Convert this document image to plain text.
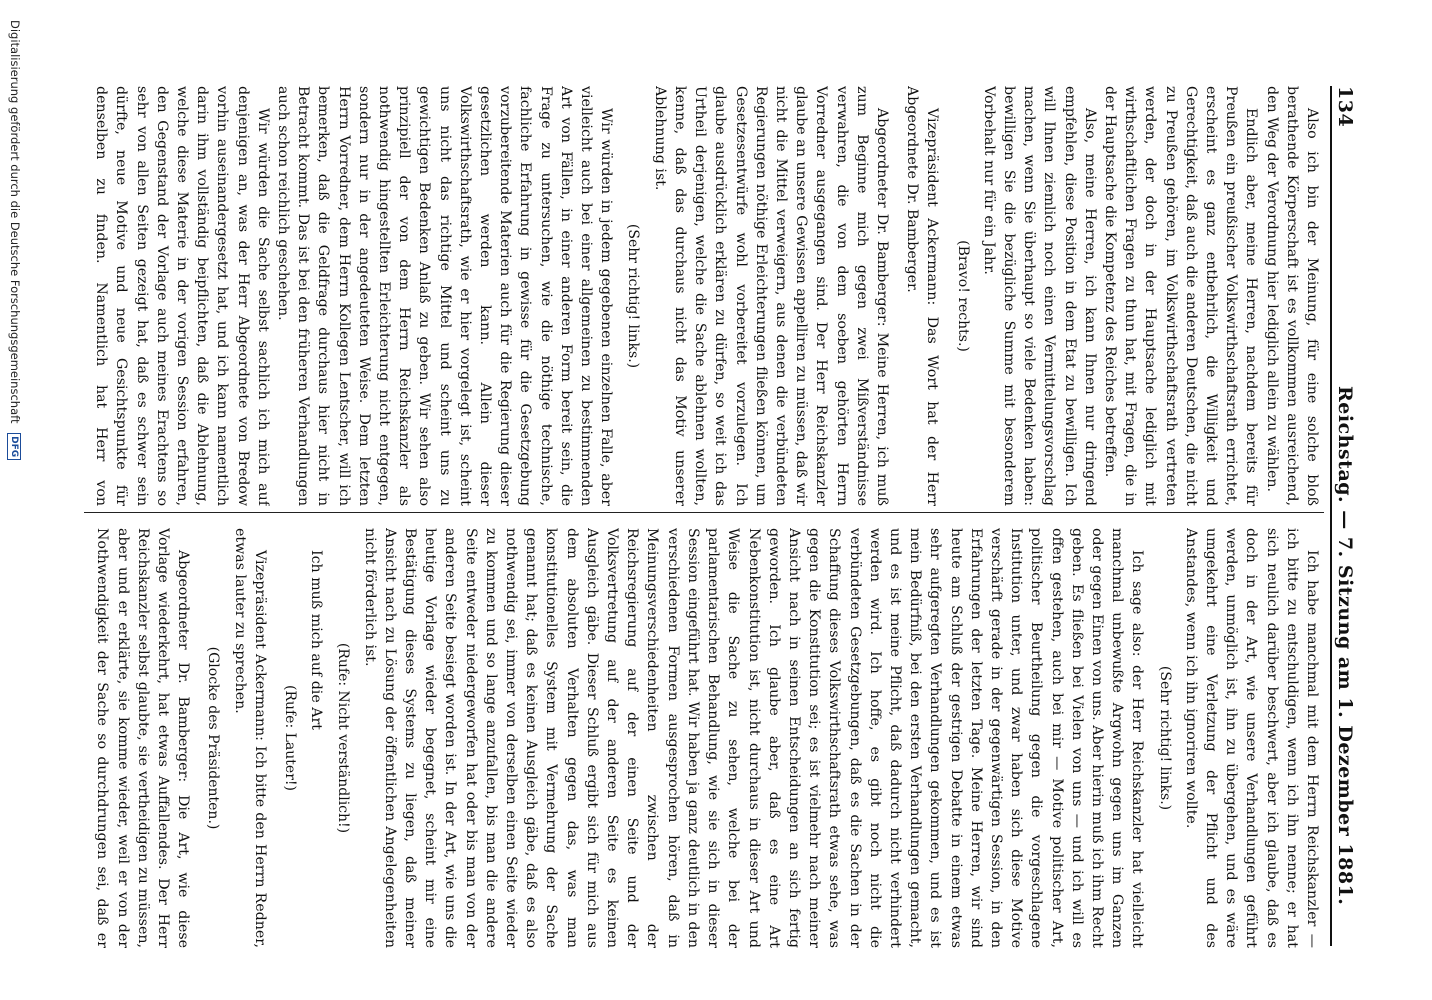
134
Reichstag. — 7. Sitzung am 1. Dezember 1881.

Also ich bin der Meinung, für eine solche bloß berathende Körperschaft ist es vollkommen ausreichend, den Weg der Verordnung hier lediglich allein zu wählen.

Endlich aber, meine Herren, nachdem bereits für Preußen ein preußischer Volkswirthschaftsrath errichtet, erscheint es ganz entbehrlich, die Willigkeit und Gerechtigkeit, daß auch die anderen Deutschen, die nicht zu Preußen gehören, im Volkswirthschaftsrath vertreten werden, der doch in der Hauptsache lediglich mit wirthschaftlichen Fragen zu thun hat, mit Fragen, die in der Hauptsache die Kompetenz des Reiches betreffen.

Also, meine Herren, ich kann Ihnen nur dringend empfehlen, diese Position in dem Etat zu bewilligen. Ich will Ihnen ziemlich noch einen Vermittelungsvorschlag machen, wenn Sie überhaupt so viele Bedenken haben: bewilligen Sie die bezügliche Summe mit besonderem Vorbehalt nur für ein Jahr.

(Bravo! rechts.)

Vizepräsident Ackermann: Das Wort hat der Herr Abgeordnete Dr. Bamberger.

Abgeordneter Dr. Bamberger: Meine Herren, ich muß zum Beginne mich gegen zwei Mißverständnisse verwahren, die von dem soeben gehörten Herrn Vorredner ausgegangen sind. Der Herr Reichskanzler glaube an unsere Gewissen appelliren zu müssen, daß wir nicht die Mittel verweigern, aus denen die verbündeten Regierungen nöthige Erleichterungen fließen können, um Gesetzesentwürfe wohl vorbereitet vorzulegen. Ich glaube ausdrücklich erklären zu dürfen, so weit ich das Urtheil derjenigen, welche die Sache ablehnen wollten, kenne, daß das durchaus nicht das Motiv unserer Ablehnung ist.

(Sehr richtig! links.)

Wir würden in jedem gegebenen einzelnen Falle, aber vielleicht auch bei einer allgemeinen zu bestimmenden Art von Fällen, in einer anderen Form bereit sein, die Frage zu untersuchen, wie die nöthige technische, fachliche Erfahrung in gewisse für die Gesetzgebung vorzubereitende Materien auch für die Regierung dieser gesetzlichen werden kann. Allein dieser Volkswirthschaftsrath, wie er hier vorgelegt ist, scheint uns nicht das richtige Mittel und scheint uns zu gewichtigen Bedenken Anlaß zu geben. Wir sehen also prinzipiell der von dem Herrn Reichskanzler als nothwendig hingestellten Erleichterung nicht entgegen, sondern nur in der angedeuteten Weise. Dem letzten Herrn Vorredner, dem Herrn Kollegen Lentscher, will ich bemerken, daß die Geldfrage durchaus hier nicht in Betracht kommt. Das ist bei den früheren Verhandlungen auch schon reichlich geschehen.

Wir würden die Sache selbst sachlich ich mich auf denjenigen an, was der Herr Abgeordnete von Bredow vorhin auseinandergesetzt hat, und ich kann namentlich darin ihm vollständig beipflichten, daß die Ablehnung, welche diese Materie in der vorigen Session erfahren, den Gegenstand der Vorlage auch meines Erachtens so sehr von allen Seiten gezeigt hat, daß es schwer sein dürfte, neue Motive und neue Gesichtspunkte für denselben zu finden. Namentlich hat Herr von

Ich habe manchmal mit dem Herrn Reichskanzler — ich bitte zu entschuldigen, wenn ich ihn nenne; er hat sich neulich darüber beschwert, aber ich glaube, daß es doch in der Art, wie unsere Verhandlungen geführt werden, unmöglich ist, ihn zu übergehen, und es wäre umgekehrt eine Verletzung der Pflicht und des Anstandes, wenn ich ihn ignoriren wollte.

(Sehr richtig! links.)

Ich sage also: der Herr Reichskanzler hat vielleicht manchmal unbewußte Argwohn gegen uns im Ganzen oder gegen Einen von uns. Aber hierin muß ich ihm Recht geben. Es fließen bei Vielen von uns — und ich will es offen gestehen, auch bei mir — Motive politischer Art, politischer Beurtheilung gegen die vorgeschlagene Institution unter, und zwar haben sich diese Motive verschärft gerade in der gegenwärtigen Session, in den Erfahrungen der letzten Tage. Meine Herren, wir sind heute am Schluß der gestrigen Debatte in einem etwas sehr aufgeregten Verhandlungen gekommen, und es ist mein Bedürfniß, bei den ersten Verhandlungen gemacht, und es ist meine Pflicht, daß dadurch nicht verhindert werden wird. Ich hoffe, es gibt noch nicht die verbündeten Gesetzgebungen, daß es die Sachen in der Schaffung dieses Volkswirthschaftsrath etwas sehe, was gegen die Konstitution sei; es ist vielmehr nach meiner Ansicht nach in seinen Entscheidungen an sich fertig geworden. Ich glaube aber, daß es eine Art Nebenkonstitution ist, nicht durchaus in dieser Art und Weise die Sache zu sehen, welche bei der parlamentarischen Behandlung, wie sie sich in dieser Session eingeführt hat. Wir haben ja ganz deutlich in den verschiedenen Formen ausgesprochen hören, daß in Meinungsverschiedenheiten zwischen der Reichsregierung auf der einen Seite und der Volksvertretung auf der anderen Seite es keinen Ausgleich gäbe. Dieser Schluß ergibt sich für mich aus dem absoluten Verhalten gegen das, was man konstitutionelles System mit Vermehrung der Sache genannt hat; daß es keinen Ausgleich gäbe, daß es also nothwendig sei, immer von derselben einen Seite wieder zu kommen und so lange anzufallen, bis man die andere Seite entweder niedergeworfen hat oder bis man von der anderen Seite besiegt worden ist. In der Art, wie uns die heutige Vorlage wieder begegnet, scheint mir eine Bestätigung dieses Systems zu liegen, daß meiner Ansicht nach zu Lösung der öffentlichen Angelegenheiten nicht förderlich ist.

(Rufe: Nicht verständlich!)

Ich muß mich auf die Art

(Rufe: Lauter!)

Vizepräsident Ackermann: Ich bitte den Herrn Redner, etwas lauter zu sprechen.

(Glocke des Präsidenten.)

Abgeordneter Dr. Bamberger: Die Art, wie diese Vorlage wiederkehrt, hat etwas Auffallendes. Der Herr Reichskanzler selbst glaubte, sie vertheidigen zu müssen, aber und er erklärte, sie komme wieder, weil er von der Nothwendigkeit der Sache so durchdrungen sei, daß er

Digitalisierung gefördert durch die Deutsche Forschungsgemeinschaft DFG
